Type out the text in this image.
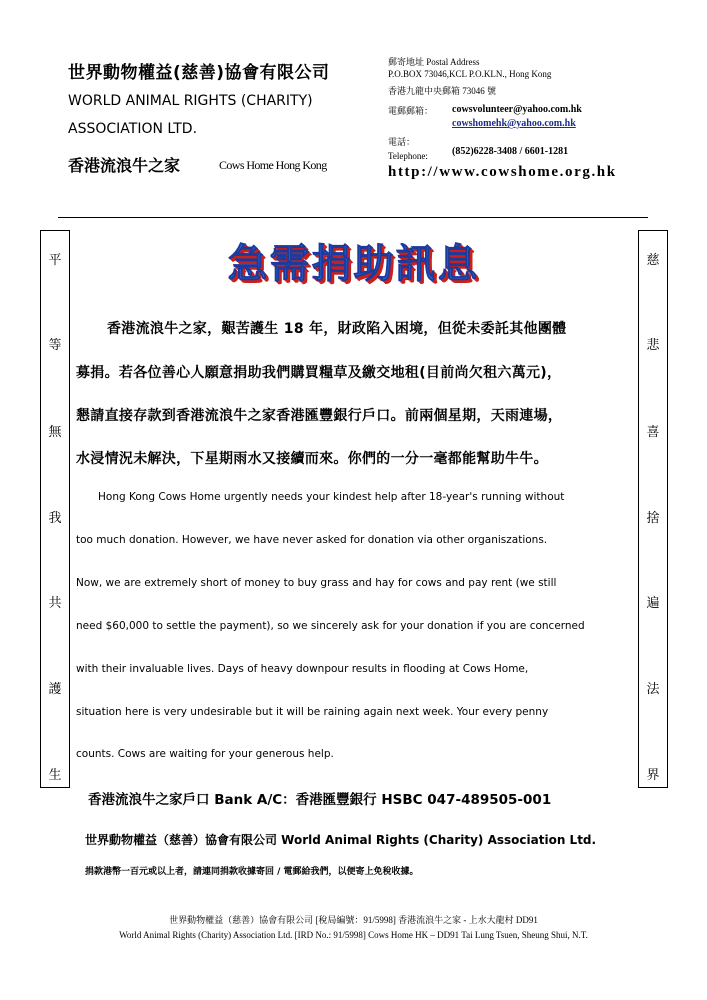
世界動物權益(慈善)協會有限公司
WORLD ANIMAL RIGHTS (CHARITY)
ASSOCIATION LTD.
香港流浪牛之家	Cows Home Hong Kong
郵寄地址 Postal Address
P.O.BOX 73046,KCL P.O.KLN., Hong Kong
香港九龍中央郵箱 73046 號
電郵郵箱： cowsvolunteer@yahoo.com.hk
cowshomehk@yahoo.com.hk
電話：
Telephone: (852)6228-3408 / 6601-1281
http://www.cowshome.org.hk
平
等
無
我
共
護
生
慈
悲
喜
捨
遍
法
界
急需捐助訊息
香港流浪牛之家，艱苦護生 18 年，財政陷入困境，但從未委託其他團體
募捐。若各位善心人願意捐助我們購買糧草及繳交地租(目前尚欠租六萬元)，
懇請直接存款到香港流浪牛之家香港匯豐銀行戶口。前兩個星期，天雨連場，
水浸情況未解決，下星期雨水又接續而來。你們的一分一毫都能幫助牛牛。
Hong Kong Cows Home urgently needs your kindest help after 18-year's running without
too much donation. However, we have never asked for donation via other organiszations.
Now, we are extremely short of money to buy grass and hay for cows and pay rent (we still
need $60,000 to settle the payment), so we sincerely ask for your donation if you are concerned
with their invaluable lives. Days of heavy downpour results in flooding at Cows Home,
situation here is very undesirable but it will be raining again next week. Your every penny
counts. Cows are waiting for your generous help.
香港流浪牛之家戶口 Bank A/C：香港匯豐銀行 HSBC 047-489505-001
世界動物權益（慈善）協會有限公司 World Animal Rights (Charity) Association Ltd.
捐款港幣一百元或以上者，請連同捐款收據寄回 / 電郵給我們，以便寄上免稅收據。
世界動物權益（慈善）協會有限公司 [稅局編號：91/5998] 香港流浪牛之家 - 上水大龍村 DD91
World Animal Rights (Charity) Association Ltd. [IRD No.: 91/5998] Cows Home HK – DD91 Tai Lung Tsuen, Sheung Shui, N.T.
